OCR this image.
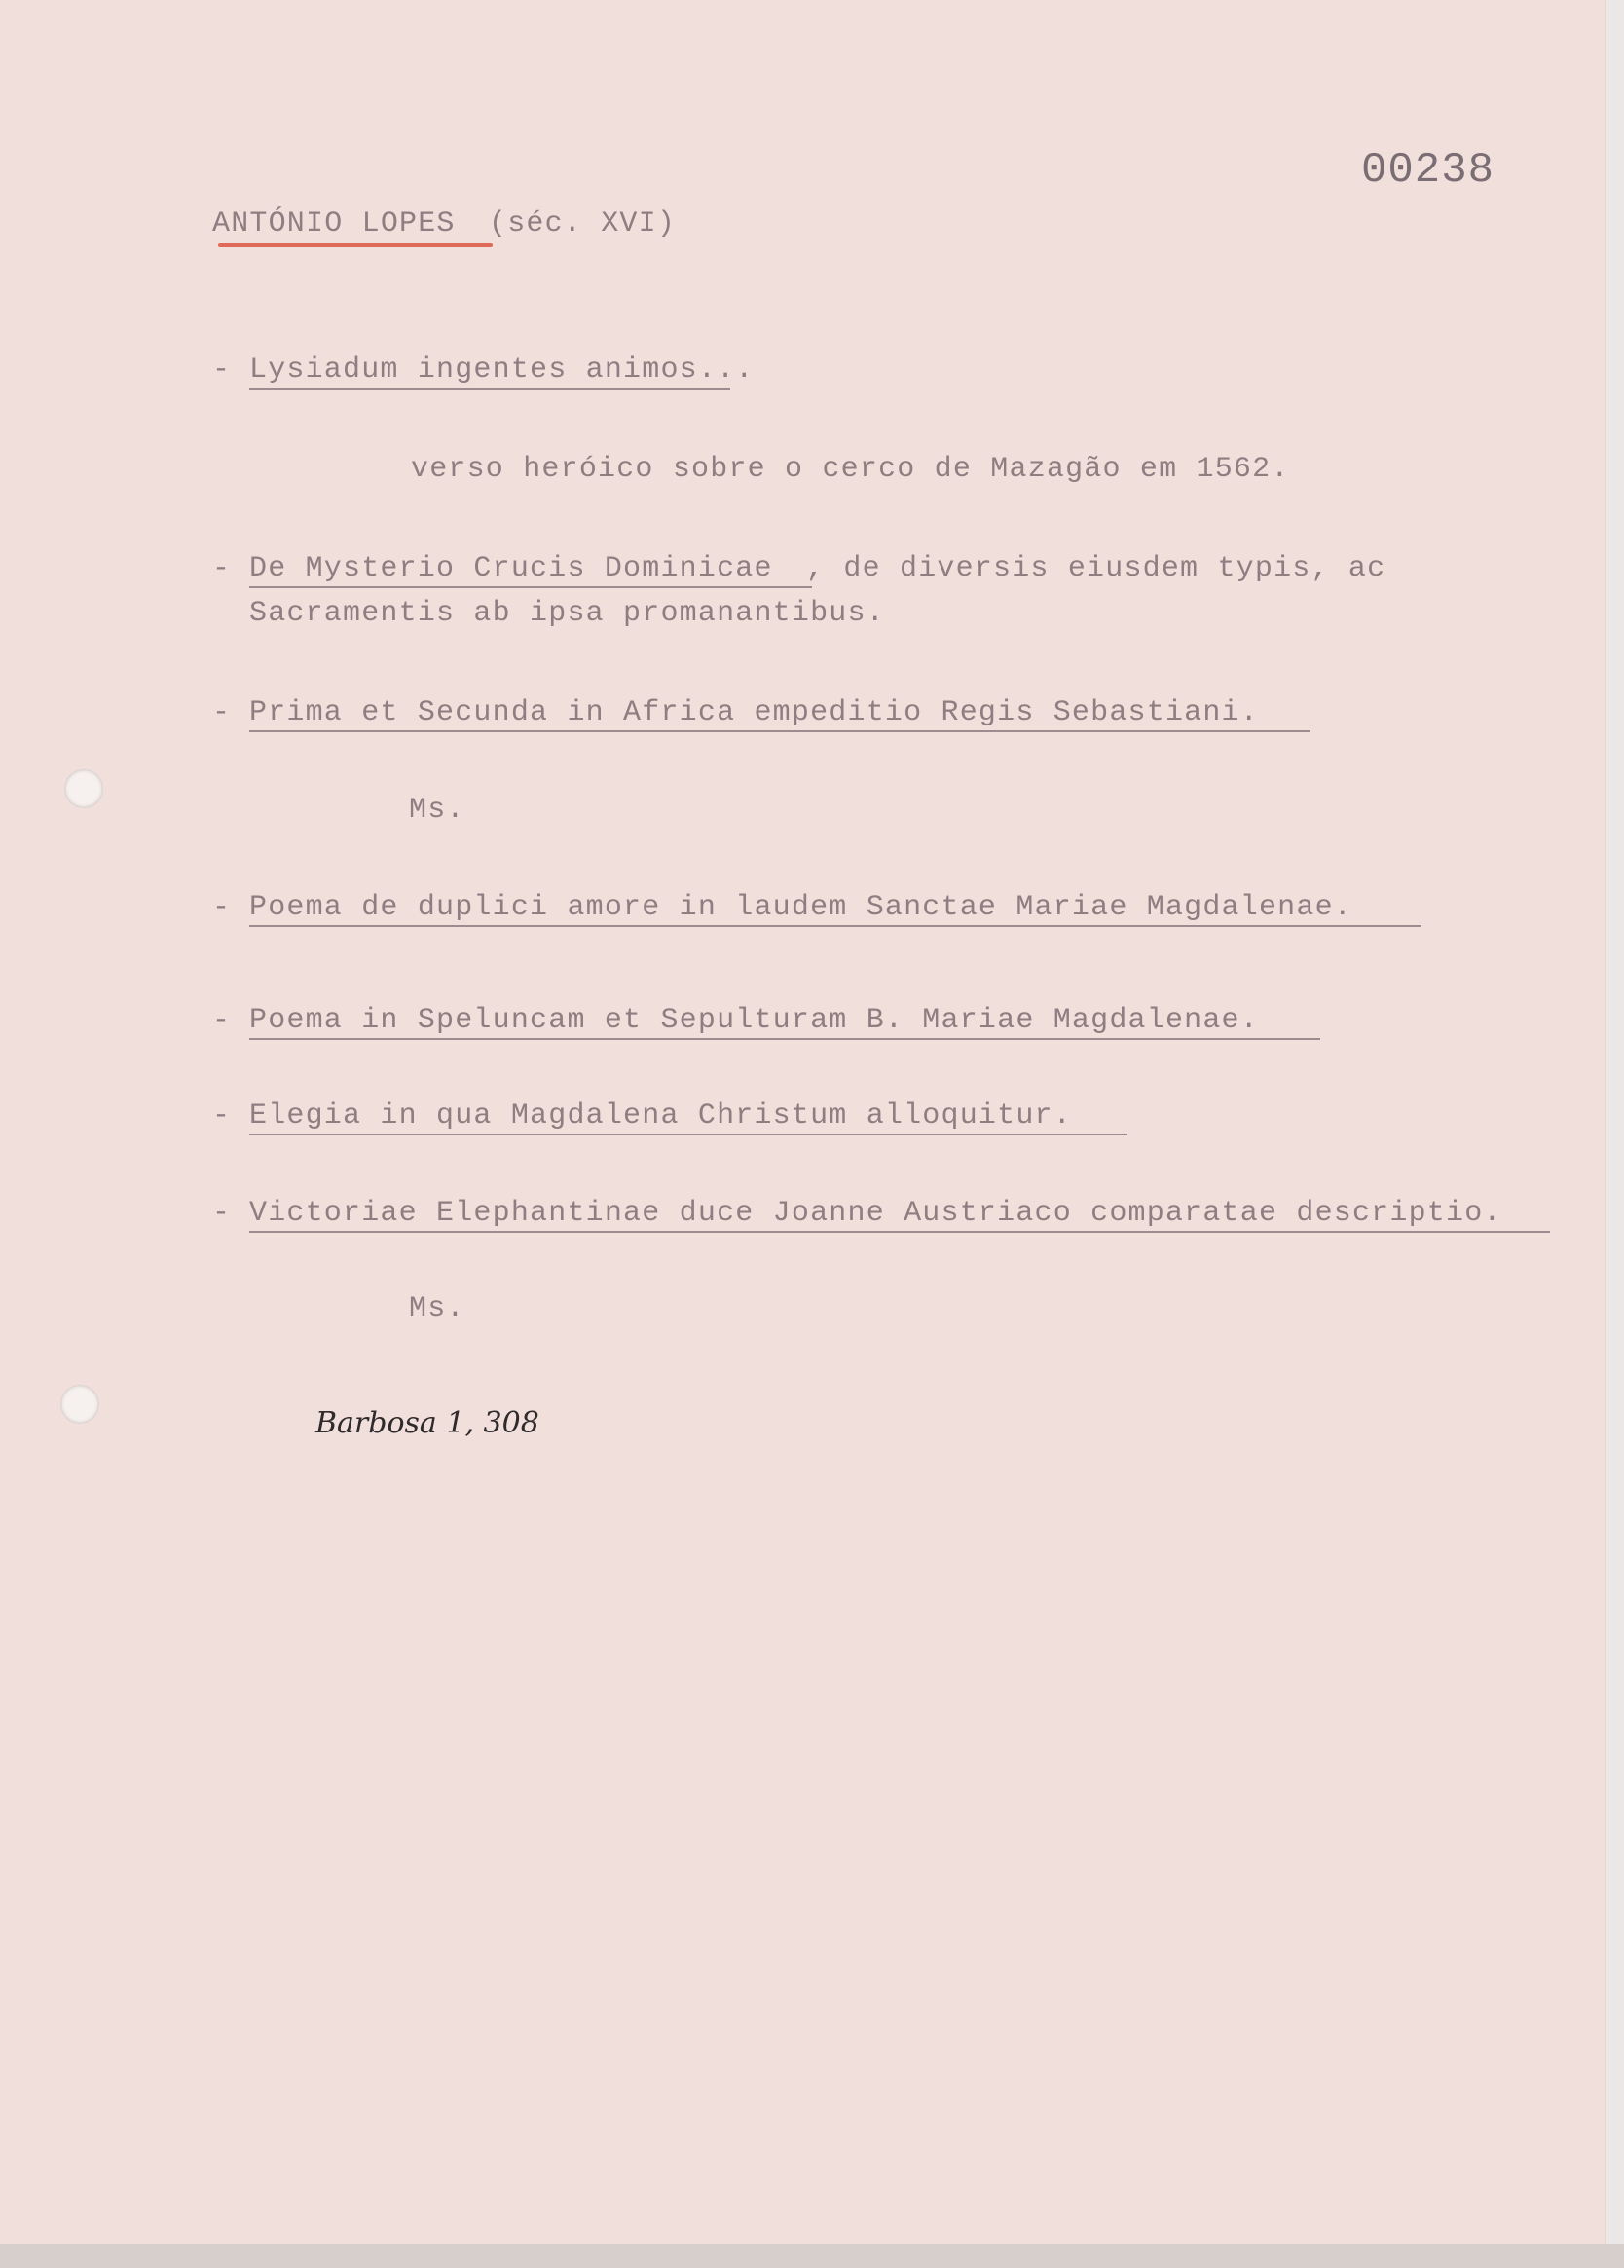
00238
ANTÓNIO LOPES (séc. XVI)
- Lysiadum ingentes animos...
verso heróico sobre o cerco de Mazagão em 1562.
- De Mysterio Crucis Dominicae , de diversis eiusdem typis, ac
Sacramentis ab ipsa promanantibus.
- Prima et Secunda in Africa empeditio Regis Sebastiani.
Ms.
- Poema de duplici amore in laudem Sanctae Mariae Magdalenae.
- Poema in Speluncam et Sepulturam B. Mariae Magdalenae.
- Elegia in qua Magdalena Christum alloquitur.
- Victoriae Elephantinae duce Joanne Austriaco comparatae descriptio.
Ms.
Barbosa 1, 308
